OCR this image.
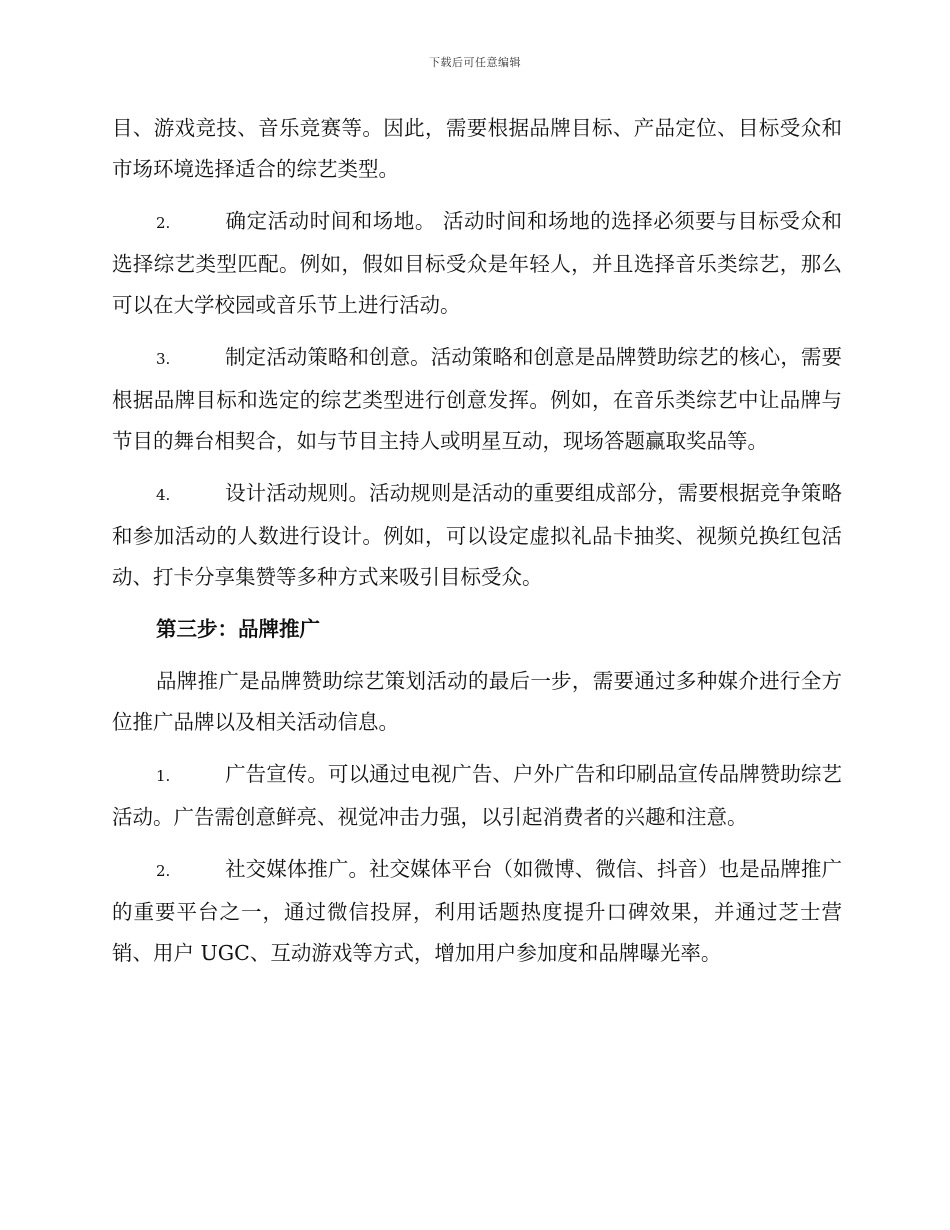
下载后可任意编辑

目、游戏竞技、音乐竞赛等。因此，需要根据品牌目标、产品定位、目标受众和市场环境选择适合的综艺类型。

2.	确定活动时间和场地。 活动时间和场地的选择必须要与目标受众和选择综艺类型匹配。例如，假如目标受众是年轻人，并且选择音乐类综艺，那么可以在大学校园或音乐节上进行活动。

3.	制定活动策略和创意。活动策略和创意是品牌赞助综艺的核心，需要根据品牌目标和选定的综艺类型进行创意发挥。例如，在音乐类综艺中让品牌与节目的舞台相契合，如与节目主持人或明星互动，现场答题赢取奖品等。

4.	设计活动规则。活动规则是活动的重要组成部分，需要根据竞争策略和参加活动的人数进行设计。例如，可以设定虚拟礼品卡抽奖、视频兑换红包活动、打卡分享集赞等多种方式来吸引目标受众。

第三步：品牌推广

品牌推广是品牌赞助综艺策划活动的最后一步，需要通过多种媒介进行全方位推广品牌以及相关活动信息。

1.	广告宣传。可以通过电视广告、户外广告和印刷品宣传品牌赞助综艺活动。广告需创意鲜亮、视觉冲击力强，以引起消费者的兴趣和注意。

2.	社交媒体推广。社交媒体平台（如微博、微信、抖音）也是品牌推广的重要平台之一，通过微信投屏，利用话题热度提升口碑效果，并通过芝士营销、用户 UGC、互动游戏等方式，增加用户参加度和品牌曝光率。
